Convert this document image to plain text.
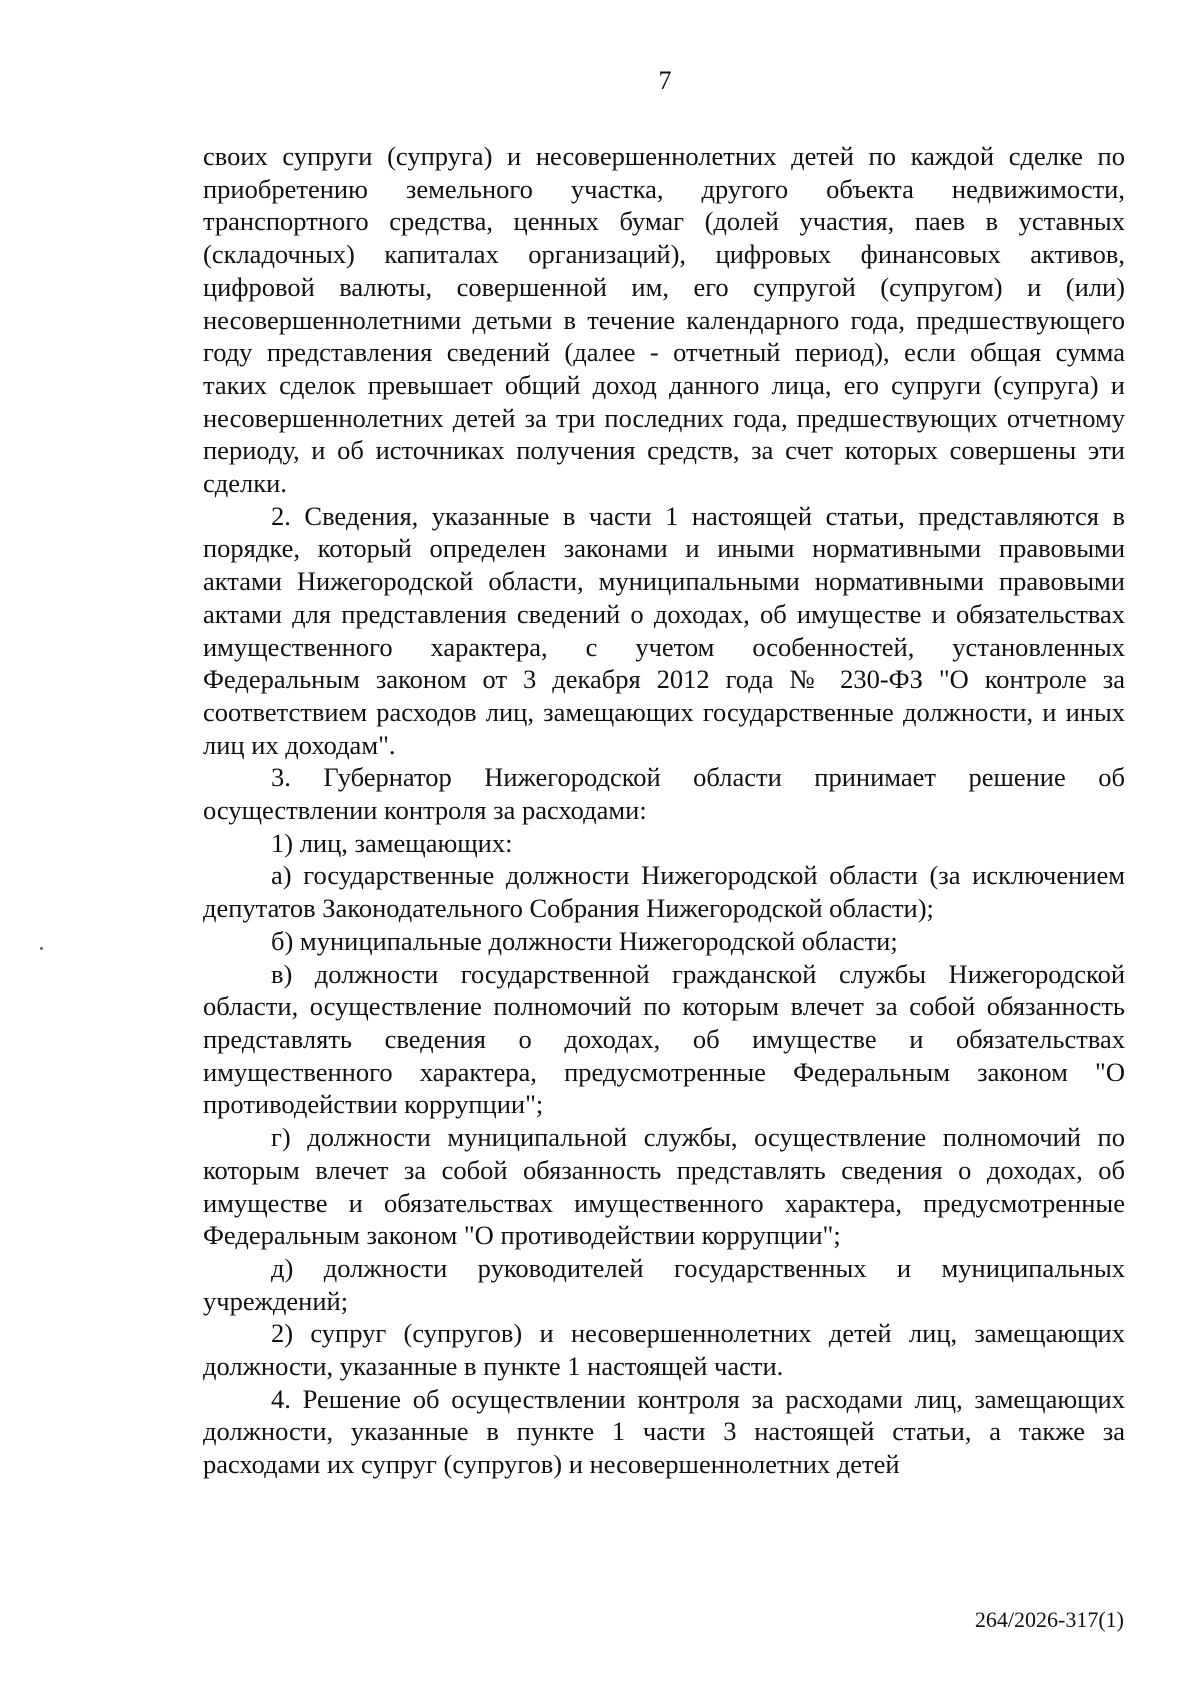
7

своих супруги (супруга) и несовершеннолетних детей по каждой сделке по приобретению земельного участка, другого объекта недвижимости, транспортного средства, ценных бумаг (долей участия, паев в уставных (складочных) капиталах организаций), цифровых финансовых активов, цифровой валюты, совершенной им, его супругой (супругом) и (или) несовершеннолетними детьми в течение календарного года, предшествующего году представления сведений (далее - отчетный период), если общая сумма таких сделок превышает общий доход данного лица, его супруги (супруга) и несовершеннолетних детей за три последних года, предшествующих отчетному периоду, и об источниках получения средств, за счет которых совершены эти сделки.

2. Сведения, указанные в части 1 настоящей статьи, представляются в порядке, который определен законами и иными нормативными правовыми актами Нижегородской области, муниципальными нормативными правовыми актами для представления сведений о доходах, об имуществе и обязательствах имущественного характера, с учетом особенностей, установленных Федеральным законом от 3 декабря 2012 года № 230-ФЗ "О контроле за соответствием расходов лиц, замещающих государственные должности, и иных лиц их доходам".

3. Губернатор Нижегородской области принимает решение об осуществлении контроля за расходами:

1) лиц, замещающих:

а) государственные должности Нижегородской области (за исключением депутатов Законодательного Собрания Нижегородской области);

б) муниципальные должности Нижегородской области;

в) должности государственной гражданской службы Нижегородской области, осуществление полномочий по которым влечет за собой обязанность представлять сведения о доходах, об имуществе и обязательствах имущественного характера, предусмотренные Федеральным законом "О противодействии коррупции";

г) должности муниципальной службы, осуществление полномочий по которым влечет за собой обязанность представлять сведения о доходах, об имуществе и обязательствах имущественного характера, предусмотренные Федеральным законом "О противодействии коррупции";

д) должности руководителей государственных и муниципальных учреждений;

2) супруг (супругов) и несовершеннолетних детей лиц, замещающих должности, указанные в пункте 1 настоящей части.

4. Решение об осуществлении контроля за расходами лиц, замещающих должности, указанные в пункте 1 части 3 настоящей статьи, а также за расходами их супруг (супругов) и несовершеннолетних детей

264/2026-317(1)
